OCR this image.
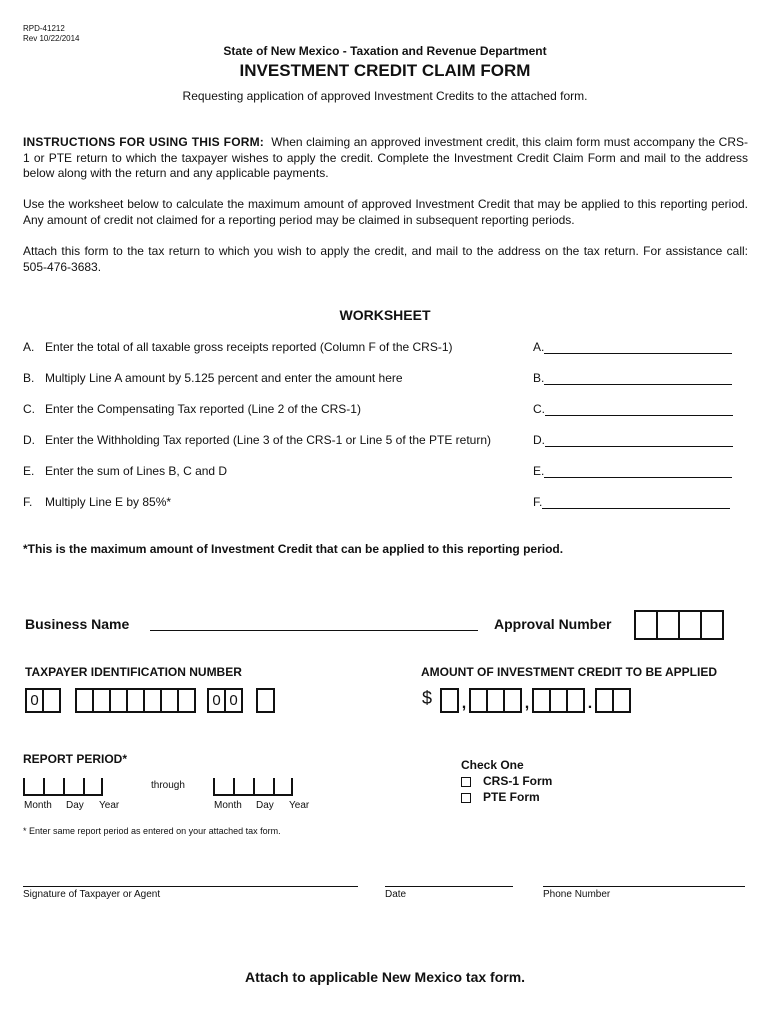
RPD-41212
Rev 10/22/2014
State of New Mexico - Taxation and Revenue Department
INVESTMENT CREDIT CLAIM FORM
Requesting application of approved Investment Credits to the attached form.
INSTRUCTIONS FOR USING THIS FORM: When claiming an approved investment credit, this claim form must accompany the CRS-1 or PTE return to which the taxpayer wishes to apply the credit. Complete the Investment Credit Claim Form and mail to the address below along with the return and any applicable payments.
Use the worksheet below to calculate the maximum amount of approved Investment Credit that may be applied to this reporting period. Any amount of credit not claimed for a reporting period may be claimed in subsequent reporting periods.
Attach this form to the tax return to which you wish to apply the credit, and mail to the address on the tax return. For assistance call: 505-476-3683.
WORKSHEET
A. Enter the total of all taxable gross receipts reported (Column F of the CRS-1)	A.
B. Multiply Line A amount by 5.125 percent and enter the amount here	B.
C. Enter the Compensating Tax reported (Line 2 of the CRS-1)	C.
D. Enter the Withholding Tax reported (Line 3 of the CRS-1 or Line 5 of the PTE return)	D.
E. Enter the sum of Lines B, C and D	E.
F. Multiply Line E by 85%*	F.
*This is the maximum amount of Investment Credit that can be applied to this reporting period.
Business Name	Approval Number
TAXPAYER IDENTIFICATION NUMBER
0	0 0
AMOUNT OF INVESTMENT CREDIT TO BE APPLIED
$ ,	,	.
REPORT PERIOD*
Month Day Year
through
Month Day Year
* Enter same report period as entered on your attached tax form.
Check One
CRS-1 Form
PTE Form
Signature of Taxpayer or Agent	Date	Phone Number
Attach to applicable New Mexico tax form.
